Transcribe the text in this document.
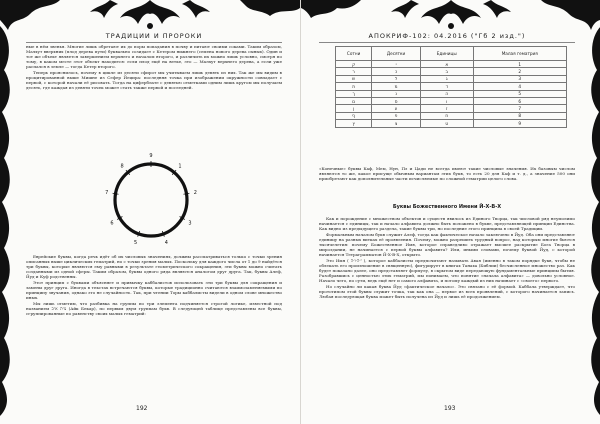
ТРАДИЦИИ И ПРОРОКИ

ные в нём звенья. Многие лишь обретают их до поры попадания в почву и питают своими соками. Таким образом, Малхут вверхних (плод дерева пути) буквально созидает с Кетером нижнего (семена нового дерева сыных). Один и тот же объект является завершением верхнего и началом второго, и различить их можно лишь условно, смотря по тому, в каком месте этот объект находится: если плод ещё на ветке, это — Малхут верхнего дерева, а если уже распался в земле — тогда Кетер второго.

Теперь прояснилось, почему в цикле из десяти сфирот мы учитываем лишь девять из них. Так же мы видим в процитированной выше Мишне из Сефер Йецира: последняя точка при изображении окружности совпадает с первой, с которой начали её рисовать. Тогда на циферблате с девятью отметками одним лишь кругом мы получаем десять, где каждая из девяти точек может стать также первой и последней.

1
2
3
4
5
6
7
8
9

Еврейские буквы, когда речь идёт об их числовых значениях, должны рассматриваться только с точки зрения описанных выше циклических гематрий, но с точки зрения малых. Поскольку для каждого числа от 1 до 9 найдётся три буквы, которые являются ему равными в результате геометрического сокращения, эти буквы можно считать созданными из одной сферы. Таким образом, буквы одного ряда являются аналогом друг друга. Так, буквы Алеф, Йуд и Куф родственны.

Этот принцип с буквами объясняет и привычку каббалистов использовать эти три буквы для сокращения и замены друг друга. Иногда в текстах встречаются буквы, которые традиционно считаются взаимозаменяемыми по принципу звучания, однако это не случайность. Так, при чтении Торы каббалисты видели в одном слове множество иных.

Мы лишь отметим, что разбивка на группы по три элемента подчиняется строгой логике, известной под названием צ״ת א״ב (Айк Бекар), по первым двум группам букв. В следующей таблице представлены все буквы, сгруппированные по равенству своих малых гематрий:

192
АПОКРИФ-102: 04.2016 ("Гб 2 изд.")
Сотни	Десятки	Единицы	Малая гематрия
ק	י	א	1
ר	כ	ב	2
ש	ל	ג	3
ת	מ	ד	4
ך	נ	ה	5
ם	ס	ו	6
ן	ע	ז	7
ף	פ	ח	8
ץ	צ	ט	9

«Конечные» буквы Каф, Мем, Нун, Пэ и Цади не всегда имеют такие числовые значения. Их базовым числом являются то же, какое присуще обычным вариантам этих букв, то есть 20 для Каф и т. д., а значение 500 они приобретают как дополнительные части исчисляемые по сложной гематрии целого слова.

Буквы Божественного Имени Й-Х-В-Х

Как и порождение с множеством объектов и существ явилось из Единого Творца, так числовой ряд неумолимо начинается с единицы, так и начало алфавита должно быть положено в букве, представляющей принцип Единства. Как видно из предыдущего раздела, такие буквы три, но последние этого принципа в своей Традиции.

Формальным началом букв служит Алеф, тогда как фактическое начало заключено в Йуд. Оба они представляют единицу на разных витках её проявления. Почему, можно разрешить трудный вопрос, над которым многие бьются тысячелетия: почему Божественное Имя, которое справедливо отражает высшее раскрытие Бога Творца в мироздании, не начинается с первой буквы алфавита? Или, иными словами, почему буквой Йуд, с которой начинается Тетраграмматон Й-Х-В-Х, открыто.

Это Имя ( י-ה-ו-ה ), которое каббалисты предпочитают называть Авая (именно в таком порядке букв, чтобы не облекать его произношение в священную), фигурирует в книгах Танаха (Библии) бесчисленное множество раз. Как будет показано далее, оно представляет формулу, в скрытом виде передающую фундаментальные принципы бытия. Разобравшись с ценностью этих гематрий, мы понимаем, что понятие «начала алфавита» — довольно условное. Начало чего, по сути, ведь ещё нет и самого алфавита, и потому каждый из них начинает с «своего» первого.

Но случайно ли какая буква Йуд «фактическое начало». Это связано с её формой. Каббала утверждает, что прототипом этой буквы служит точка, так как она — первое из всех проявлений, с которого начинается запись. Любая последующая буква может быть получена из Йуд и лишь её продолжением.

193
